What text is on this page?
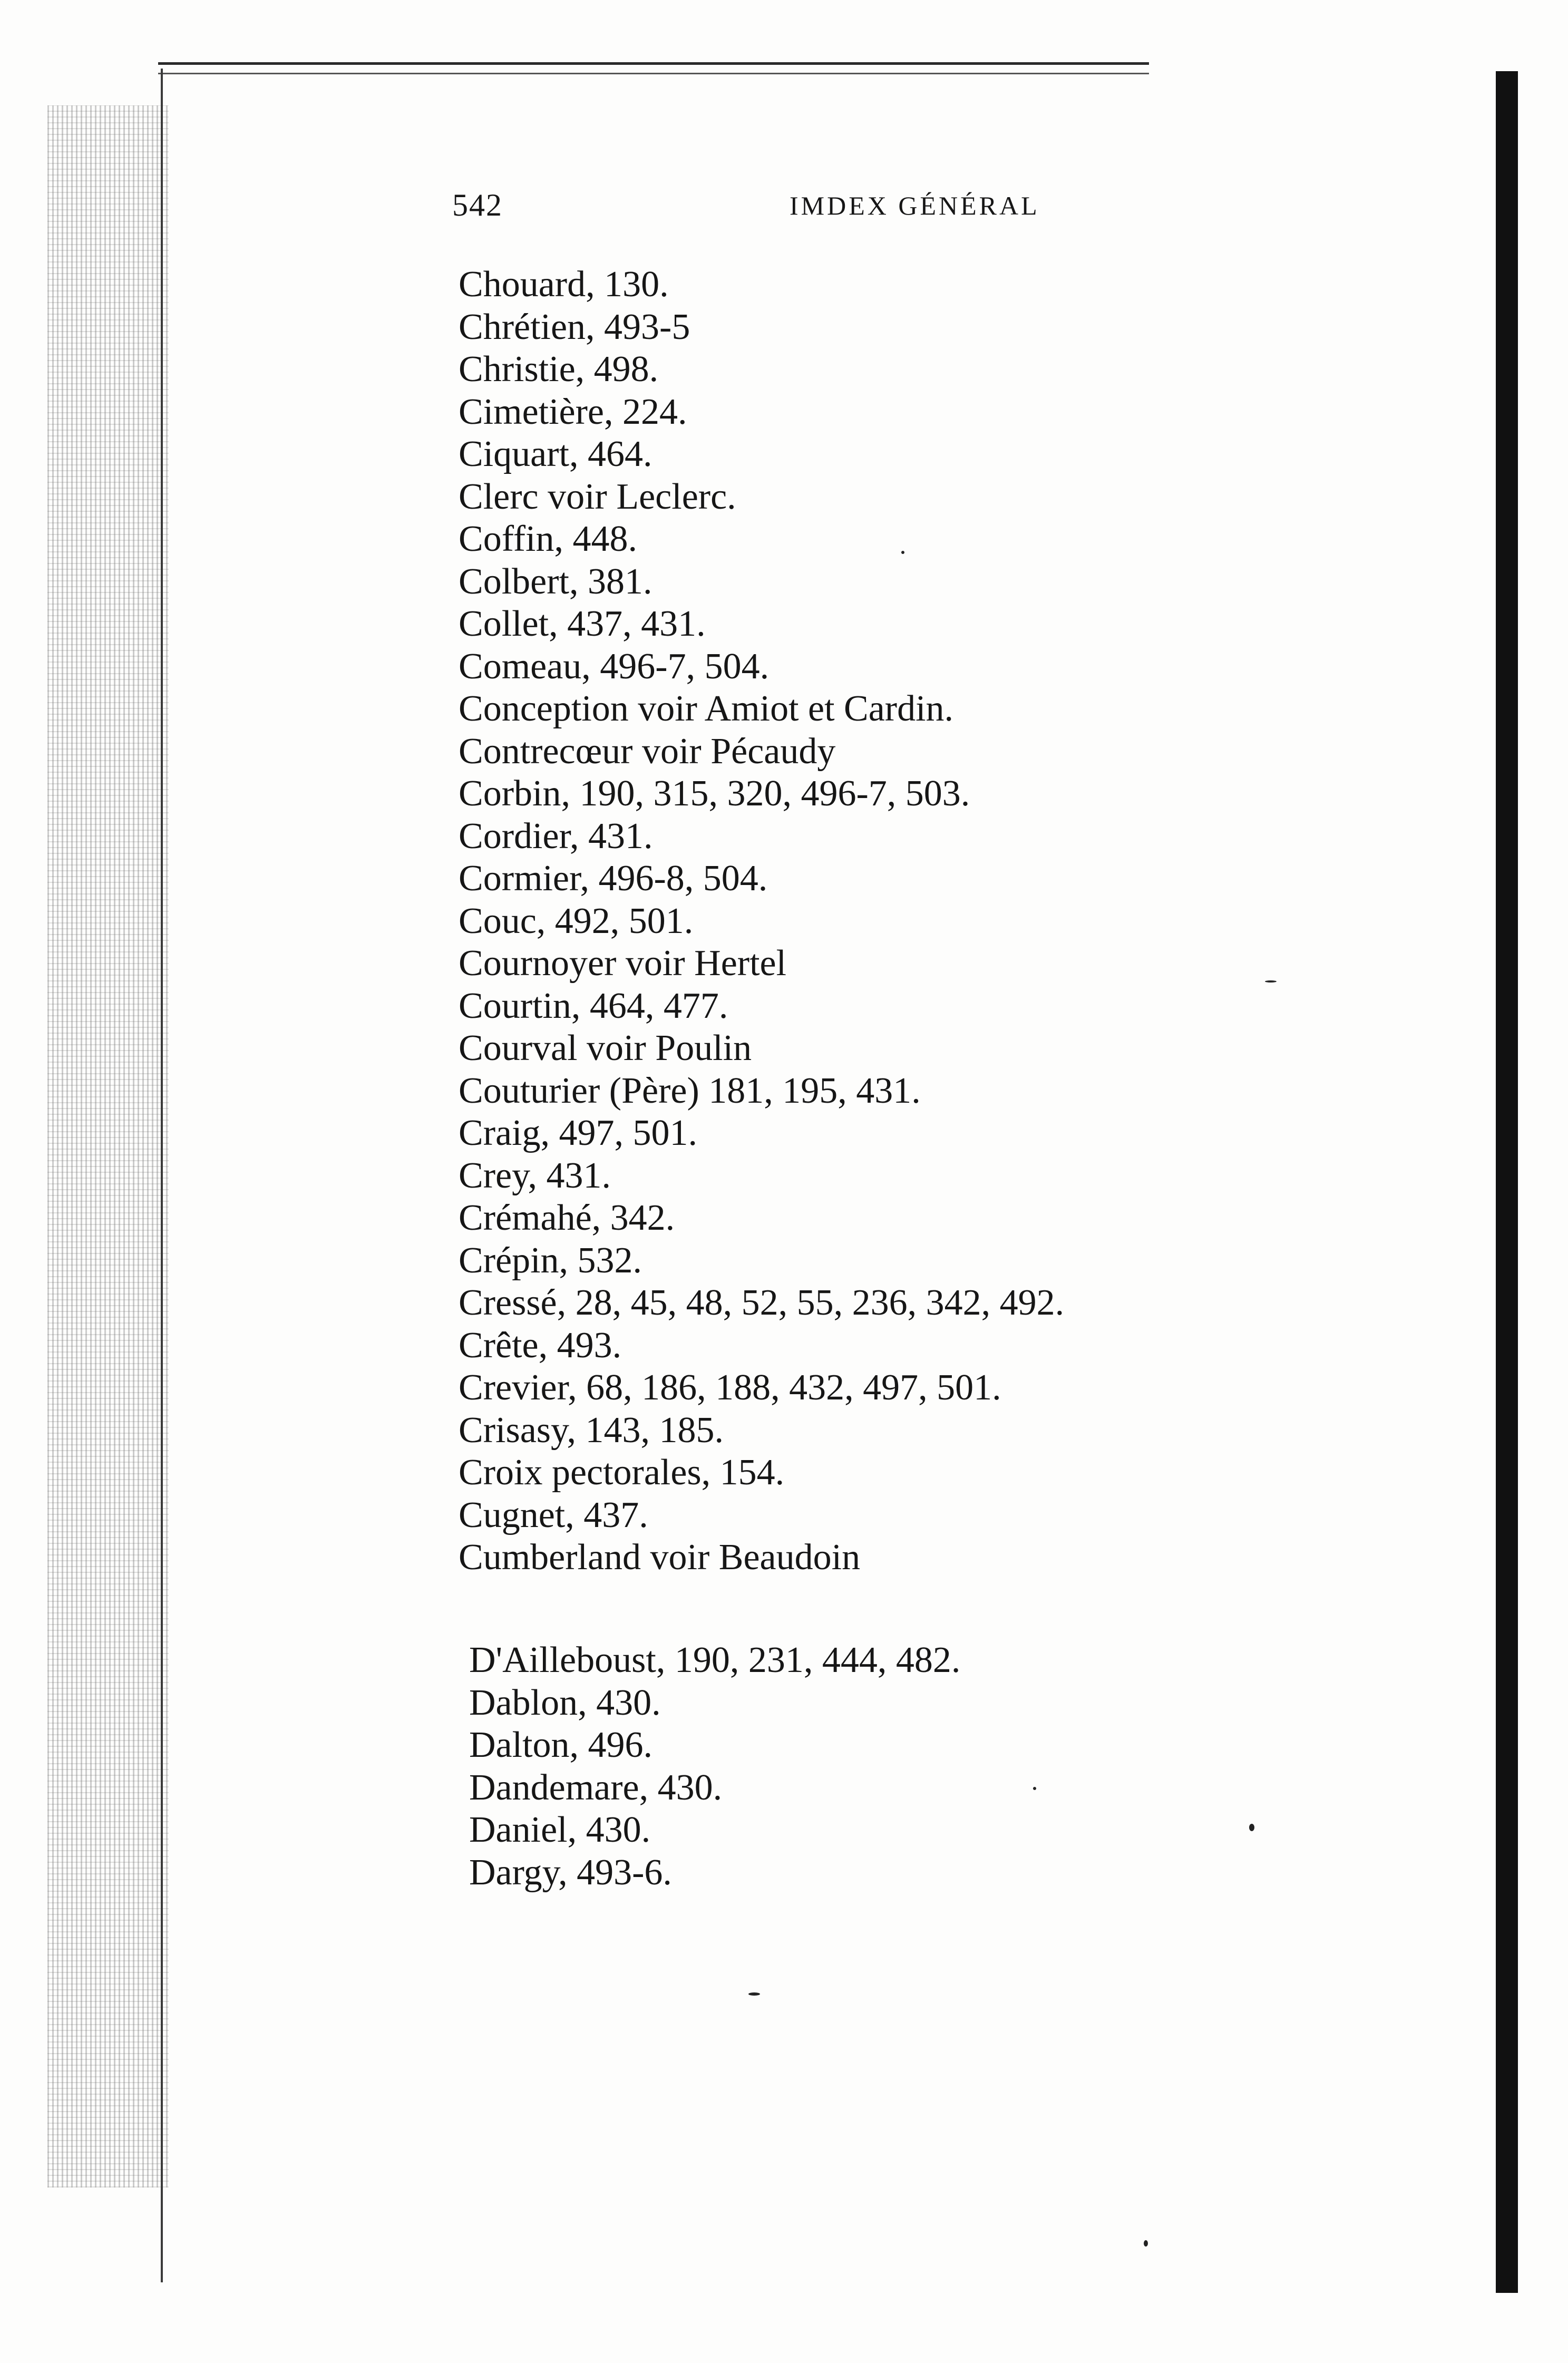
542	IMDEX GÉNÉRAL
Chouard, 130.
Chrétien, 493-5
Christie, 498.
Cimetière, 224.
Ciquart, 464.
Clerc voir Leclerc.
Coffin, 448.
Colbert, 381.
Collet, 437, 431.
Comeau, 496-7, 504.
Conception voir Amiot et Cardin.
Contrecœur voir Pécaudy
Corbin, 190, 315, 320, 496-7, 503.
Cordier, 431.
Cormier, 496-8, 504.
Couc, 492, 501.
Cournoyer voir Hertel
Courtin, 464, 477.
Courval voir Poulin
Couturier (Père) 181, 195, 431.
Craig, 497, 501.
Crey, 431.
Crémahé, 342.
Crépin, 532.
Cressé, 28, 45, 48, 52, 55, 236, 342, 492.
Crête, 493.
Crevier, 68, 186, 188, 432, 497, 501.
Crisasy, 143, 185.
Croix pectorales, 154.
Cugnet, 437.
Cumberland voir Beaudoin
D'Ailleboust, 190, 231, 444, 482.
Dablon, 430.
Dalton, 496.
Dandemare, 430.
Daniel, 430.
Dargy, 493-6.
